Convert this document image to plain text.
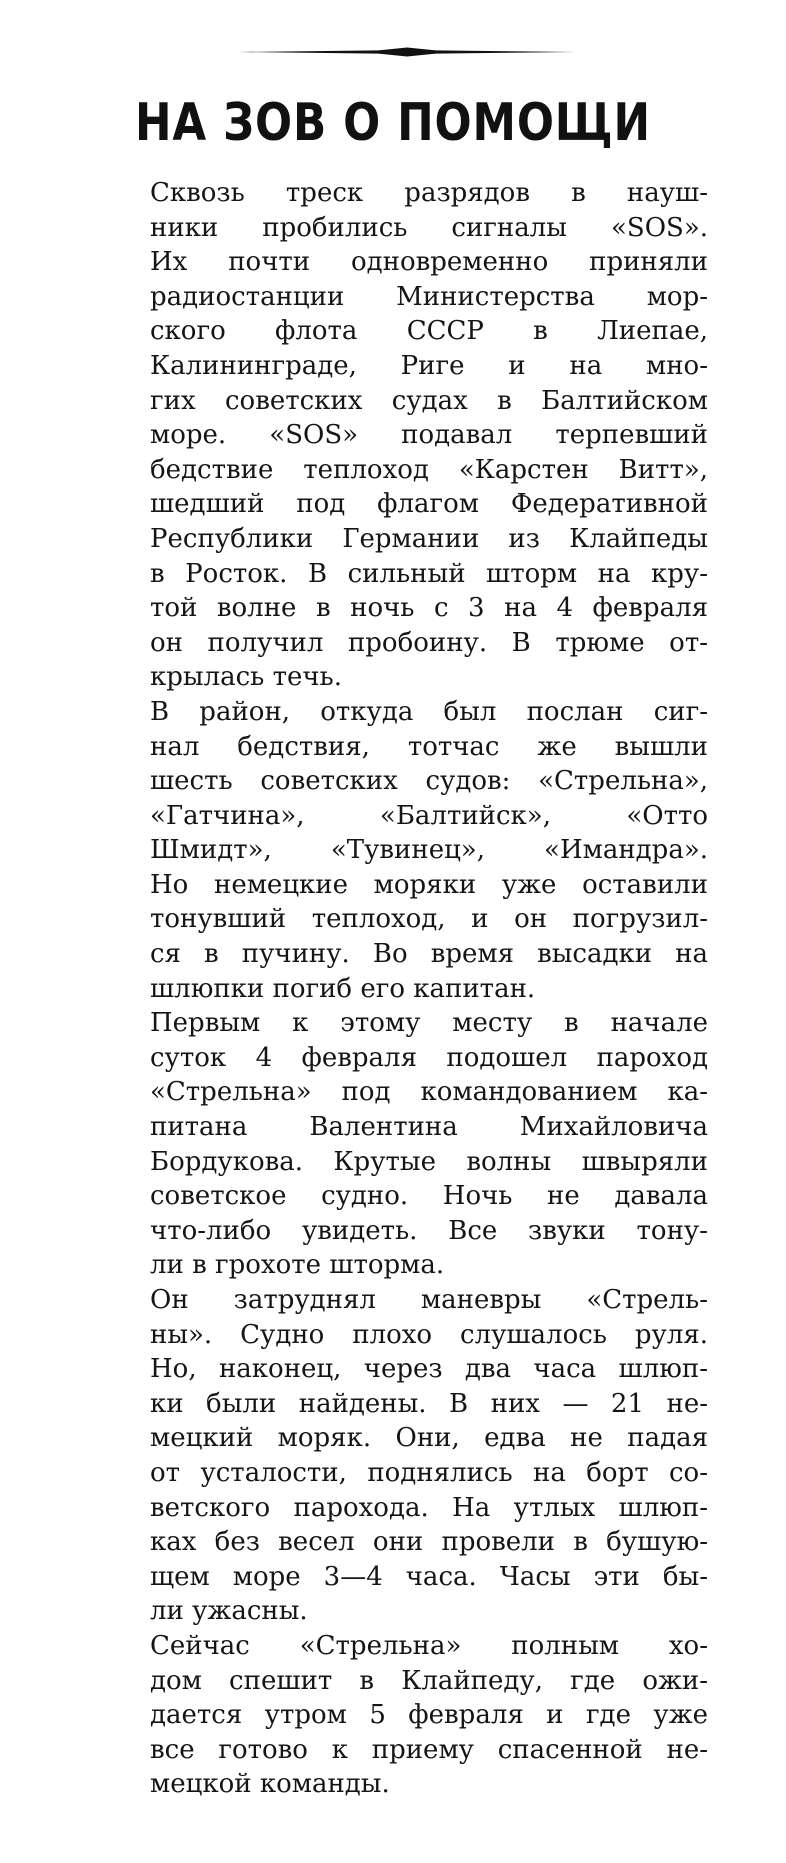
НА ЗОВ О ПОМОЩИ

Сквозь треск разрядов в науш-
ники пробились сигналы «SOS».
Их почти одновременно приняли
радиостанции Министерства мор-
ского флота СССР в Лиепае,
Калининграде, Риге и на мно-
гих советских судах в Балтийском
море. «SOS» подавал терпевший
бедствие теплоход «Карстен Витт»,
шедший под флагом Федеративной
Республики Германии из Клайпеды
в Росток. В сильный шторм на кру-
той волне в ночь с 3 на 4 февраля
он получил пробоину. В трюме от-
крылась течь.

В район, откуда был послан сиг-
нал бедствия, тотчас же вышли
шесть советских судов: «Стрельна»,
«Гатчина», «Балтийск», «Отто
Шмидт», «Тувинец», «Имандра».
Но немецкие моряки уже оставили
тонувший теплоход, и он погрузил-
ся в пучину. Во время высадки на
шлюпки погиб его капитан.

Первым к этому месту в начале
суток 4 февраля подошел пароход
«Стрельна» под командованием ка-
питана Валентина Михайловича
Бордукова. Крутые волны швыряли
советское судно. Ночь не давала
что-либо увидеть. Все звуки тону-
ли в грохоте шторма.

Он затруднял маневры «Стрель-
ны». Судно плохо слушалось руля.
Но, наконец, через два часа шлюп-
ки были найдены. В них — 21 не-
мецкий моряк. Они, едва не падая
от усталости, поднялись на борт со-
ветского парохода. На утлых шлюп-
ках без весел они провели в бушую-
щем море 3—4 часа. Часы эти бы-
ли ужасны.

Сейчас «Стрельна» полным хо-
дом спешит в Клайпеду, где ожи-
дается утром 5 февраля и где уже
все готово к приему спасенной не-
мецкой команды.
